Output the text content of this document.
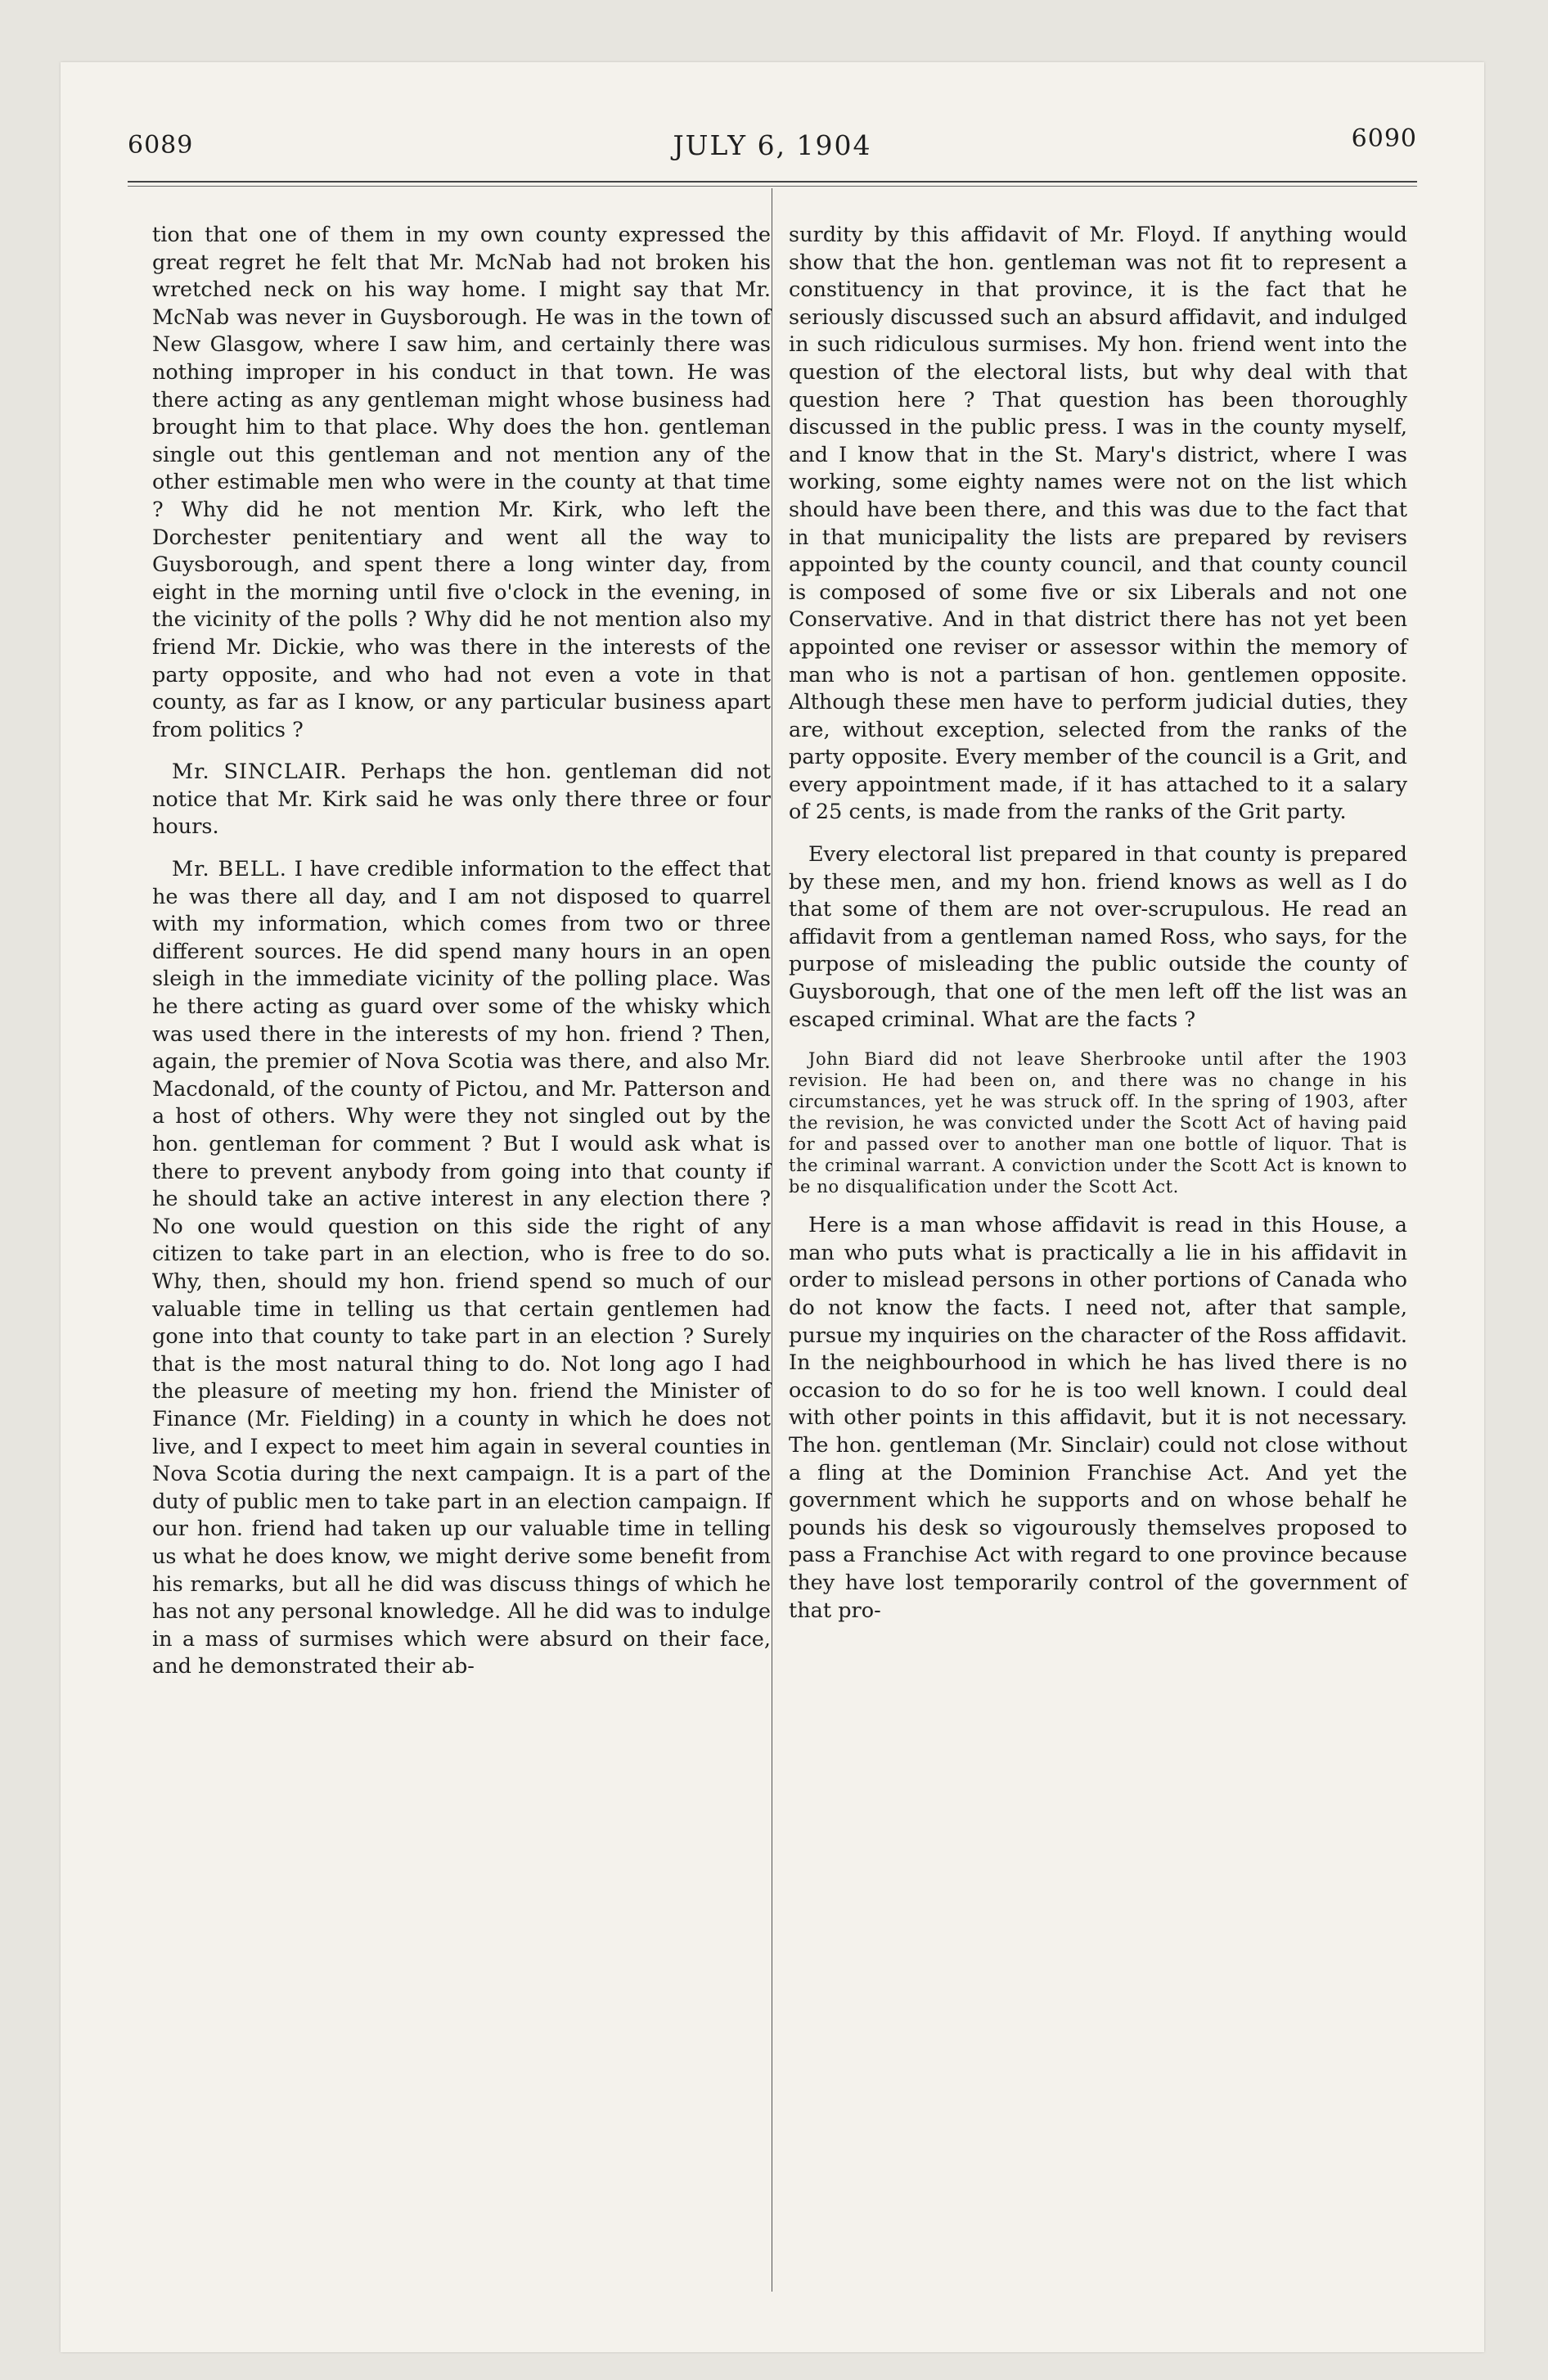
6089	JULY 6, 1904	6090

tion that one of them in my own county expressed the great regret he felt that Mr. McNab had not broken his wretched neck on his way home. I might say that Mr. McNab was never in Guysborough. He was in the town of New Glasgow, where I saw him, and certainly there was nothing improper in his conduct in that town. He was there acting as any gentleman might whose business had brought him to that place. Why does the hon. gentleman single out this gentleman and not mention any of the other estimable men who were in the county at that time ? Why did he not mention Mr. Kirk, who left the Dorchester penitentiary and went all the way to Guysborough, and spent there a long winter day, from eight in the morning until five o'clock in the evening, in the vicinity of the polls ? Why did he not mention also my friend Mr. Dickie, who was there in the interests of the party opposite, and who had not even a vote in that county, as far as I know, or any particular business apart from politics ?

Mr. SINCLAIR. Perhaps the hon. gentleman did not notice that Mr. Kirk said he was only there three or four hours.

Mr. BELL. I have credible information to the effect that he was there all day, and I am not disposed to quarrel with my information, which comes from two or three different sources. He did spend many hours in an open sleigh in the immediate vicinity of the polling place. Was he there acting as guard over some of the whisky which was used there in the interests of my hon. friend ? Then, again, the premier of Nova Scotia was there, and also Mr. Macdonald, of the county of Pictou, and Mr. Patterson and a host of others. Why were they not singled out by the hon. gentleman for comment ? But I would ask what is there to prevent anybody from going into that county if he should take an active interest in any election there ? No one would question on this side the right of any citizen to take part in an election, who is free to do so. Why, then, should my hon. friend spend so much of our valuable time in telling us that certain gentlemen had gone into that county to take part in an election ? Surely that is the most natural thing to do. Not long ago I had the pleasure of meeting my hon. friend the Minister of Finance (Mr. Fielding) in a county in which he does not live, and I expect to meet him again in several counties in Nova Scotia during the next campaign. It is a part of the duty of public men to take part in an election campaign. If our hon. friend had taken up our valuable time in telling us what he does know, we might derive some benefit from his remarks, but all he did was discuss things of which he has not any personal knowledge. All he did was to indulge in a mass of surmises which were absurd on their face, and he demonstrated their ab-

surdity by this affidavit of Mr. Floyd. If anything would show that the hon. gentleman was not fit to represent a constituency in that province, it is the fact that he seriously discussed such an absurd affidavit, and indulged in such ridiculous surmises. My hon. friend went into the question of the electoral lists, but why deal with that question here ? That question has been thoroughly discussed in the public press. I was in the county myself, and I know that in the St. Mary's district, where I was working, some eighty names were not on the list which should have been there, and this was due to the fact that in that municipality the lists are prepared by revisers appointed by the county council, and that county council is composed of some five or six Liberals and not one Conservative. And in that district there has not yet been appointed one reviser or assessor within the memory of man who is not a partisan of hon. gentlemen opposite. Although these men have to perform judicial duties, they are, without exception, selected from the ranks of the party opposite. Every member of the council is a Grit, and every appointment made, if it has attached to it a salary of 25 cents, is made from the ranks of the Grit party.

Every electoral list prepared in that county is prepared by these men, and my hon. friend knows as well as I do that some of them are not over-scrupulous. He read an affidavit from a gentleman named Ross, who says, for the purpose of misleading the public outside the county of Guysborough, that one of the men left off the list was an escaped criminal. What are the facts ?

John Biard did not leave Sherbrooke until after the 1903 revision. He had been on, and there was no change in his circumstances, yet he was struck off. In the spring of 1903, after the revision, he was convicted under the Scott Act of having paid for and passed over to another man one bottle of liquor. That is the criminal warrant. A conviction under the Scott Act is known to be no disqualification under the Scott Act.

Here is a man whose affidavit is read in this House, a man who puts what is practically a lie in his affidavit in order to mislead persons in other portions of Canada who do not know the facts. I need not, after that sample, pursue my inquiries on the character of the Ross affidavit. In the neighbourhood in which he has lived there is no occasion to do so for he is too well known. I could deal with other points in this affidavit, but it is not necessary. The hon. gentleman (Mr. Sinclair) could not close without a fling at the Dominion Franchise Act. And yet the government which he supports and on whose behalf he pounds his desk so vigourously themselves proposed to pass a Franchise Act with regard to one province because they have lost temporarily control of the government of that pro-
